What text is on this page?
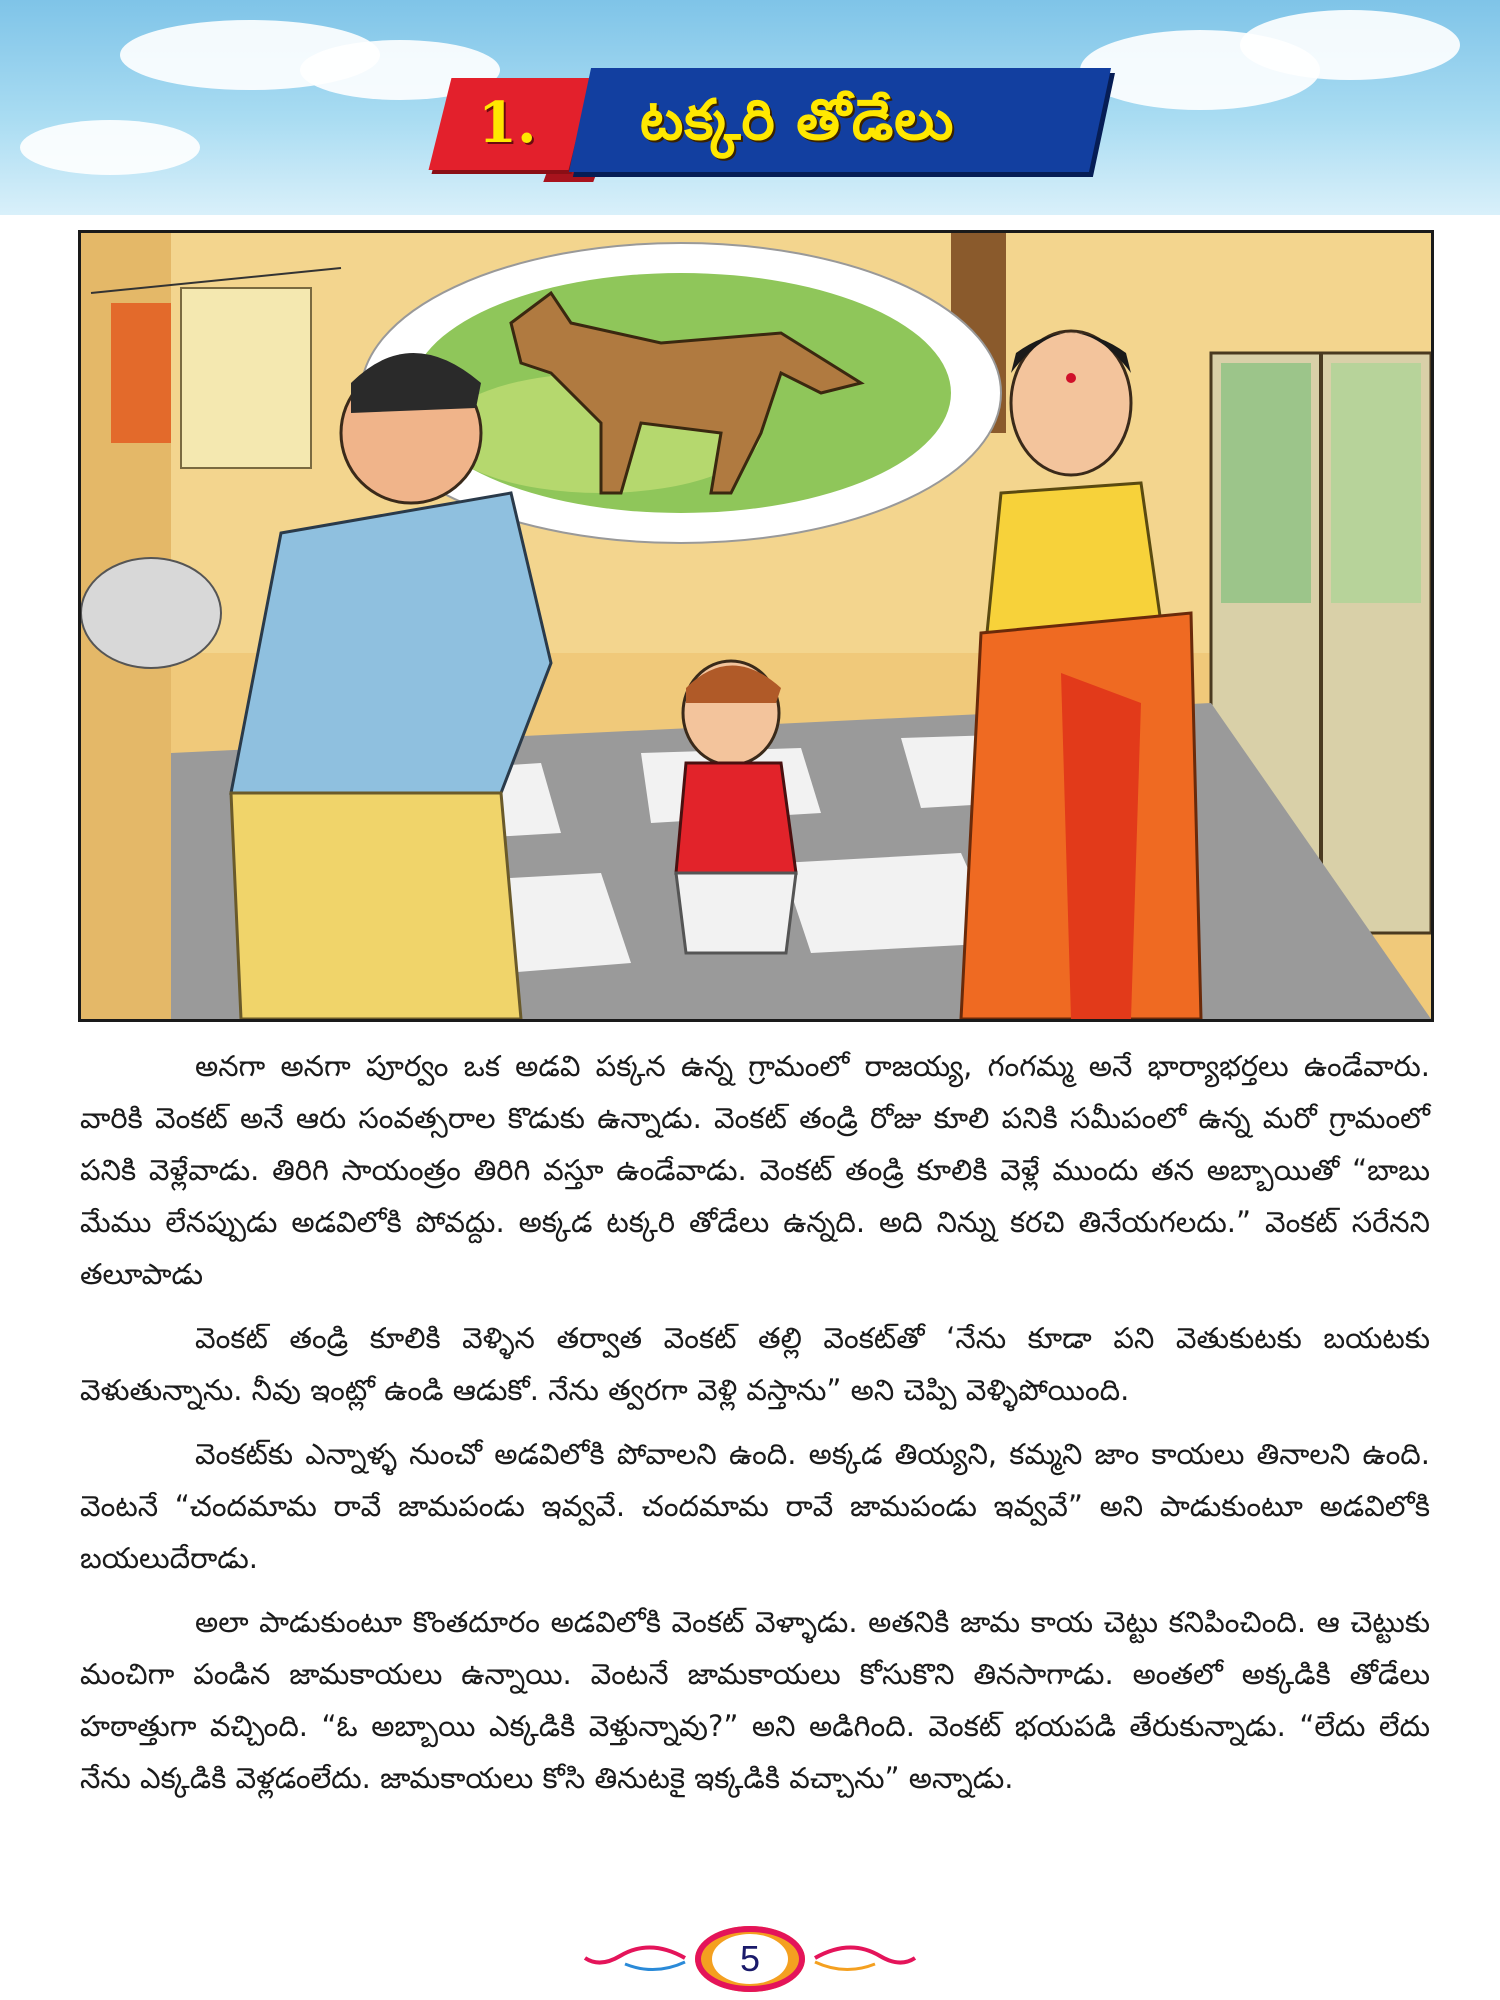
1. టక్కరి తోడేలు

అనగా అనగా పూర్వం ఒక అడవి పక్కన ఉన్న గ్రామంలో రాజయ్య, గంగమ్మ అనే భార్యాభర్తలు ఉండేవారు. వారికి వెంకట్ అనే ఆరు సంవత్సరాల కొడుకు ఉన్నాడు. వెంకట్ తండ్రి రోజు కూలి పనికి సమీపంలో ఉన్న మరో గ్రామంలో పనికి వెళ్లేవాడు. తిరిగి సాయంత్రం తిరిగి వస్తూ ఉండేవాడు. వెంకట్ తండ్రి కూలికి వెళ్లే ముందు తన అబ్బాయితో “బాబు మేము లేనప్పుడు అడవిలోకి పోవద్దు. అక్కడ టక్కరి తోడేలు ఉన్నది. అది నిన్ను కరచి తినేయగలదు.” వెంకట్ సరేనని తలూపాడు

వెంకట్ తండ్రి కూలికి వెళ్ళిన తర్వాత వెంకట్ తల్లి వెంకట్‌తో ‘నేను కూడా పని వెతుకుటకు బయటకు వెళుతున్నాను. నీవు ఇంట్లో ఉండి ఆడుకో. నేను త్వరగా వెళ్లి వస్తాను” అని చెప్పి వెళ్ళిపోయింది.

వెంకట్‌కు ఎన్నాళ్ళ నుంచో అడవిలోకి పోవాలని ఉంది. అక్కడ తియ్యని, కమ్మని జాం కాయలు తినాలని ఉంది. వెంటనే “చందమామ రావే జామపండు ఇవ్వవే. చందమామ రావే జామపండు ఇవ్వవే” అని పాడుకుంటూ అడవిలోకి బయలుదేరాడు.

అలా పాడుకుంటూ కొంతదూరం అడవిలోకి వెంకట్ వెళ్ళాడు. అతనికి జామ కాయ చెట్టు కనిపించింది. ఆ చెట్టుకు మంచిగా పండిన జామకాయలు ఉన్నాయి. వెంటనే జామకాయలు కోసుకొని తినసాగాడు. అంతలో అక్కడికి తోడేలు హఠాత్తుగా వచ్చింది. “ఓ అబ్బాయి ఎక్కడికి వెళ్తున్నావు?” అని అడిగింది. వెంకట్ భయపడి తేరుకున్నాడు. “లేదు లేదు నేను ఎక్కడికి వెళ్లడంలేదు. జామకాయలు కోసి తినుటకై ఇక్కడికి వచ్చాను” అన్నాడు.

5
